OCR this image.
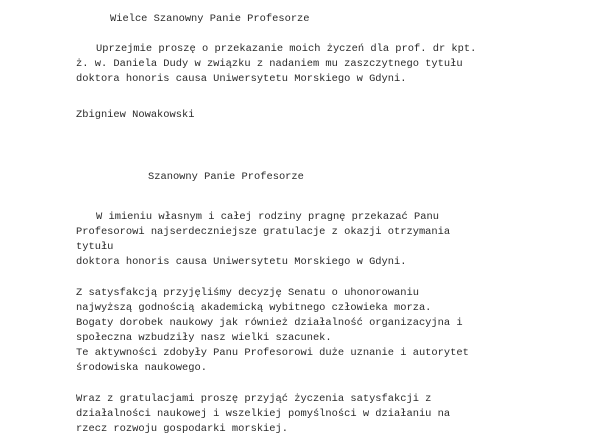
Wielce Szanowny Panie Profesorze

Uprzejmie proszę o przekazanie moich życzeń dla prof. dr kpt.

ż. w. Daniela Dudy w związku z nadaniem mu zaszczytnego tytułu

doktora honoris causa Uniwersytetu Morskiego w Gdyni.

Zbigniew Nowakowski

Szanowny Panie Profesorze

W imieniu własnym i całej rodziny pragnę przekazać Panu

Profesorowi najserdeczniejsze gratulacje z okazji otrzymania

tytułu

doktora honoris causa Uniwersytetu Morskiego w Gdyni.

Z satysfakcją przyjęliśmy decyzję Senatu o uhonorowaniu

najwyższą godnością akademicką wybitnego człowieka morza.

Bogaty dorobek naukowy jak również działalność organizacyjna i

społeczna wzbudziły nasz wielki szacunek.

Te aktywności zdobyły Panu Profesorowi duże uznanie i autorytet

środowiska naukowego.

Wraz z gratulacjami proszę przyjąć życzenia satysfakcji z

działalności naukowej i wszelkiej pomyślności w działaniu na

rzecz rozwoju gospodarki morskiej.
